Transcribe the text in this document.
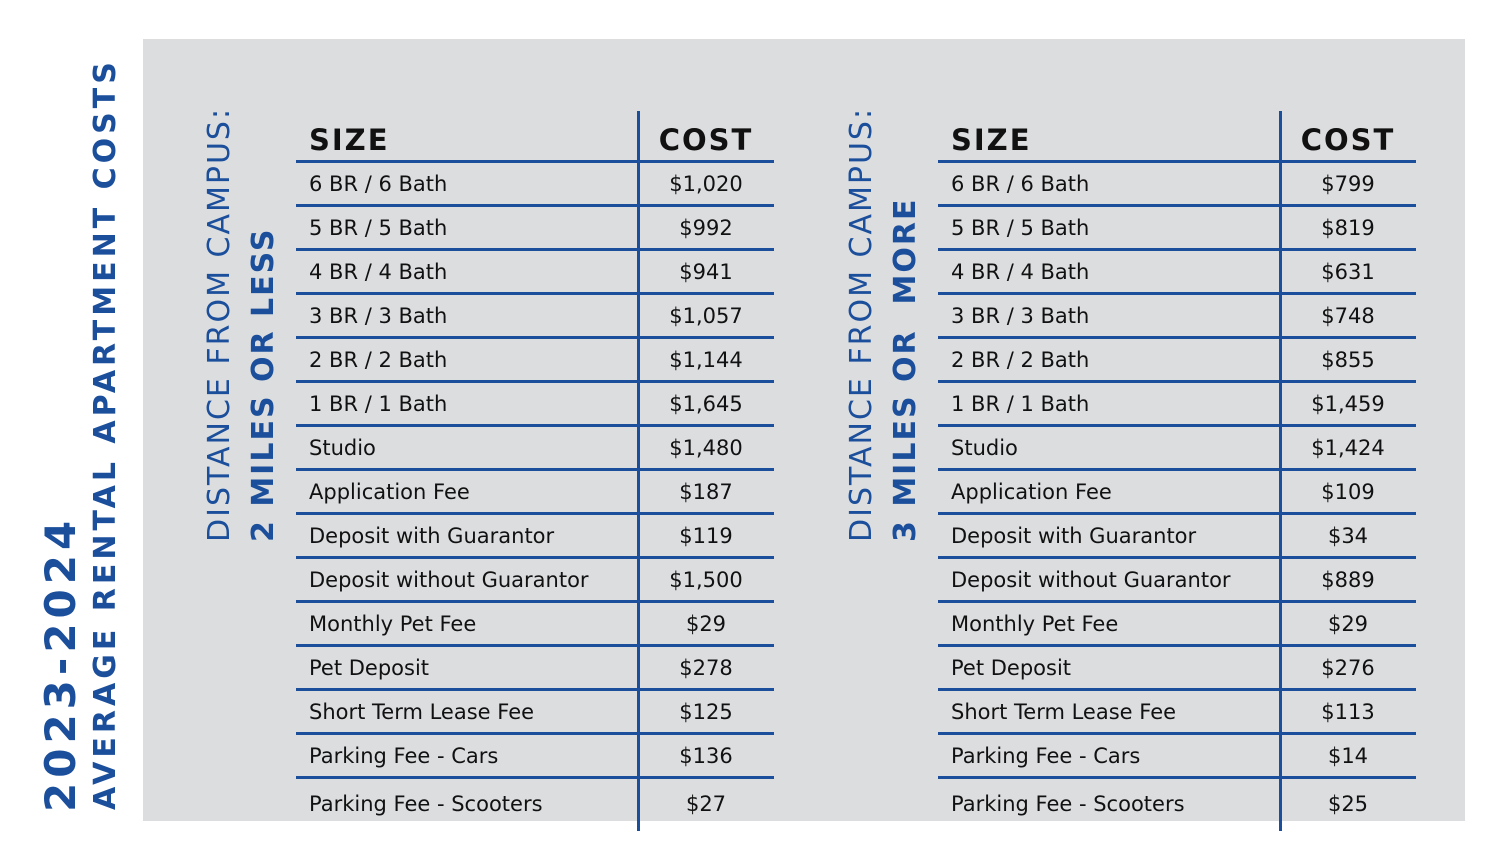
2023-2024 AVERAGE RENTAL APARTMENT COSTS	DISTANCE FROM CAMPUS: 2 MILES OR LESS
SIZE	COST
6 BR / 6 Bath	$1,020
5 BR / 5 Bath	$992
4 BR / 4 Bath	$941
3 BR / 3 Bath	$1,057
2 BR / 2 Bath	$1,144
1 BR / 1 Bath	$1,645
Studio	$1,480
Application Fee	$187
Deposit with Guarantor	$119
Deposit without Guarantor	$1,500
Monthly Pet Fee	$29
Pet Deposit	$278
Short Term Lease Fee	$125
Parking Fee - Cars	$136
Parking Fee - Scooters	$27
DISTANCE FROM CAMPUS: 3 MILES OR  MORE
SIZE	COST
6 BR / 6 Bath	$799
5 BR / 5 Bath	$819
4 BR / 4 Bath	$631
3 BR / 3 Bath	$748
2 BR / 2 Bath	$855
1 BR / 1 Bath	$1,459
Studio	$1,424
Application Fee	$109
Deposit with Guarantor	$34
Deposit without Guarantor	$889
Monthly Pet Fee	$29
Pet Deposit	$276
Short Term Lease Fee	$113
Parking Fee - Cars	$14
Parking Fee - Scooters	$25
